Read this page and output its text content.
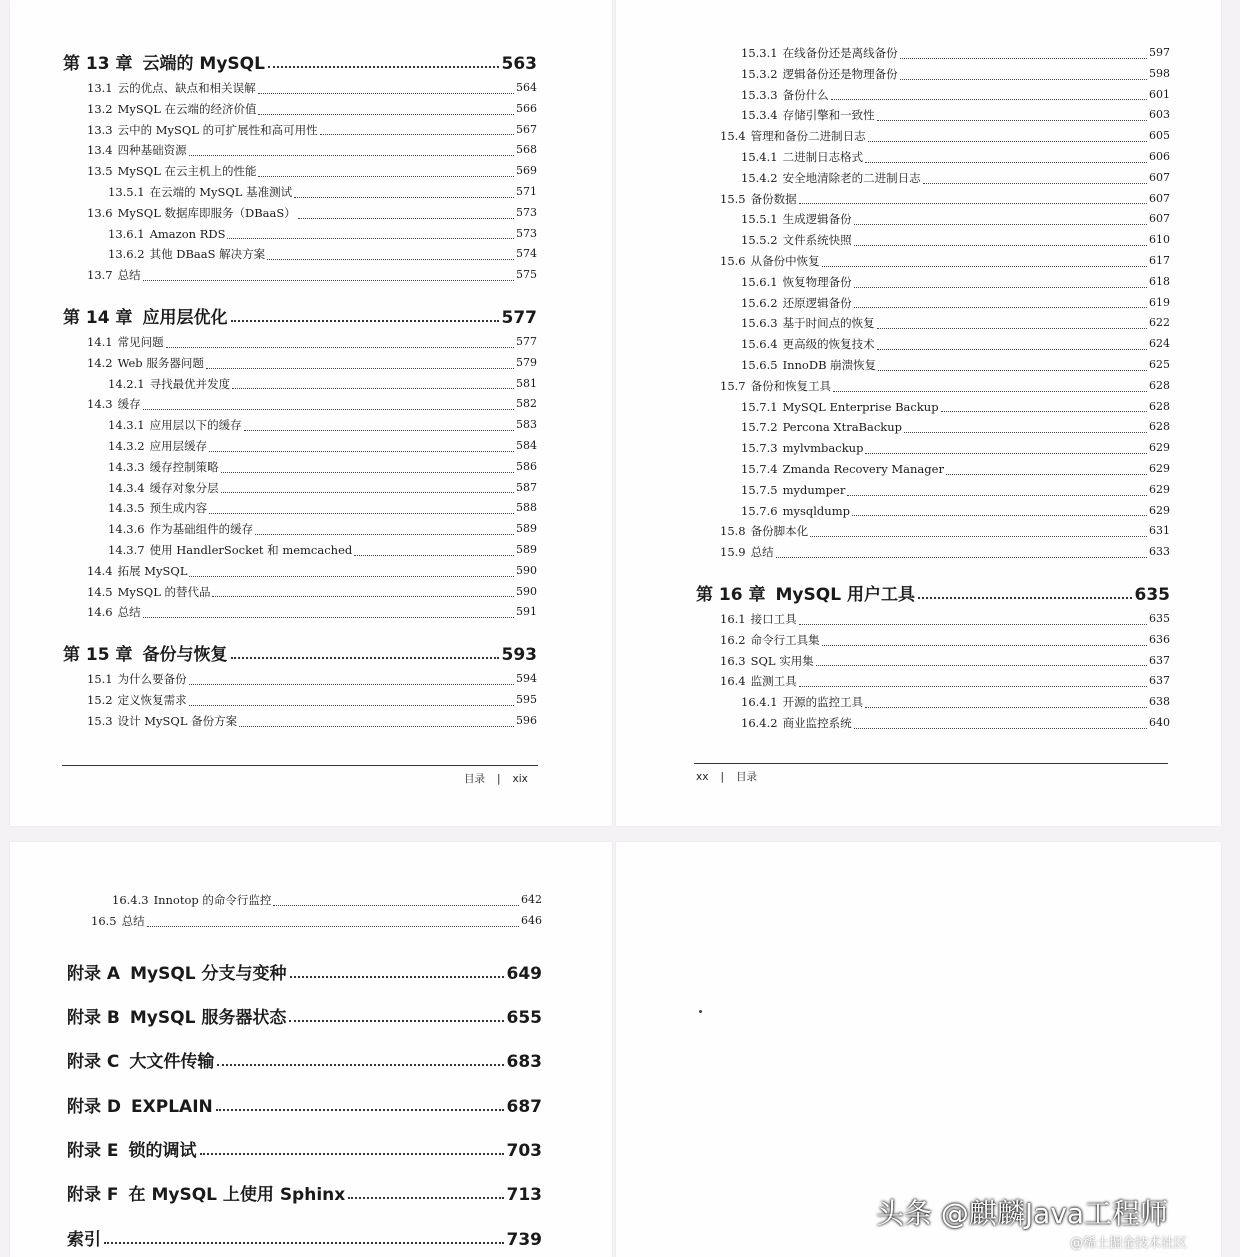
第 13 章 云端的 MySQL	563
13.1 云的优点、缺点和相关误解	564
13.2 MySQL 在云端的经济价值	566
13.3 云中的 MySQL 的可扩展性和高可用性	567
13.4 四种基础资源	568
13.5 MySQL 在云主机上的性能	569
13.5.1 在云端的 MySQL 基准测试	571
13.6 MySQL 数据库即服务（DBaaS）	573
13.6.1 Amazon RDS	573
13.6.2 其他 DBaaS 解决方案	574
13.7 总结	575
第 14 章 应用层优化	577
14.1 常见问题	577
14.2 Web 服务器问题	579
14.2.1 寻找最优并发度	581
14.3 缓存	582
14.3.1 应用层以下的缓存	583
14.3.2 应用层缓存	584
14.3.3 缓存控制策略	586
14.3.4 缓存对象分层	587
14.3.5 预生成内容	588
14.3.6 作为基础组件的缓存	589
14.3.7 使用 HandlerSocket 和 memcached	589
14.4 拓展 MySQL	590
14.5 MySQL 的替代品	590
14.6 总结	591
第 15 章 备份与恢复	593
15.1 为什么要备份	594
15.2 定义恢复需求	595
15.3 设计 MySQL 备份方案	596
目录 | xix
15.3.1 在线备份还是离线备份	597
15.3.2 逻辑备份还是物理备份	598
15.3.3 备份什么	601
15.3.4 存储引擎和一致性	603
15.4 管理和备份二进制日志	605
15.4.1 二进制日志格式	606
15.4.2 安全地清除老的二进制日志	607
15.5 备份数据	607
15.5.1 生成逻辑备份	607
15.5.2 文件系统快照	610
15.6 从备份中恢复	617
15.6.1 恢复物理备份	618
15.6.2 还原逻辑备份	619
15.6.3 基于时间点的恢复	622
15.6.4 更高级的恢复技术	624
15.6.5 InnoDB 崩溃恢复	625
15.7 备份和恢复工具	628
15.7.1 MySQL Enterprise Backup	628
15.7.2 Percona XtraBackup	628
15.7.3 mylvmbackup	629
15.7.4 Zmanda Recovery Manager	629
15.7.5 mydumper	629
15.7.6 mysqldump	629
15.8 备份脚本化	631
15.9 总结	633
第 16 章 MySQL 用户工具	635
16.1 接口工具	635
16.2 命令行工具集	636
16.3 SQL 实用集	637
16.4 监测工具	637
16.4.1 开源的监控工具	638
16.4.2 商业监控系统	640
xx | 目录
16.4.3 Innotop 的命令行监控	642
16.5 总结	646
附录 A MySQL 分支与变种	649
附录 B MySQL 服务器状态	655
附录 C 大文件传输	683
附录 D EXPLAIN	687
附录 E 锁的调试	703
附录 F 在 MySQL 上使用 Sphinx	713
索引	739
头条 @麒麟Java工程师
@稀土掘金技术社区
